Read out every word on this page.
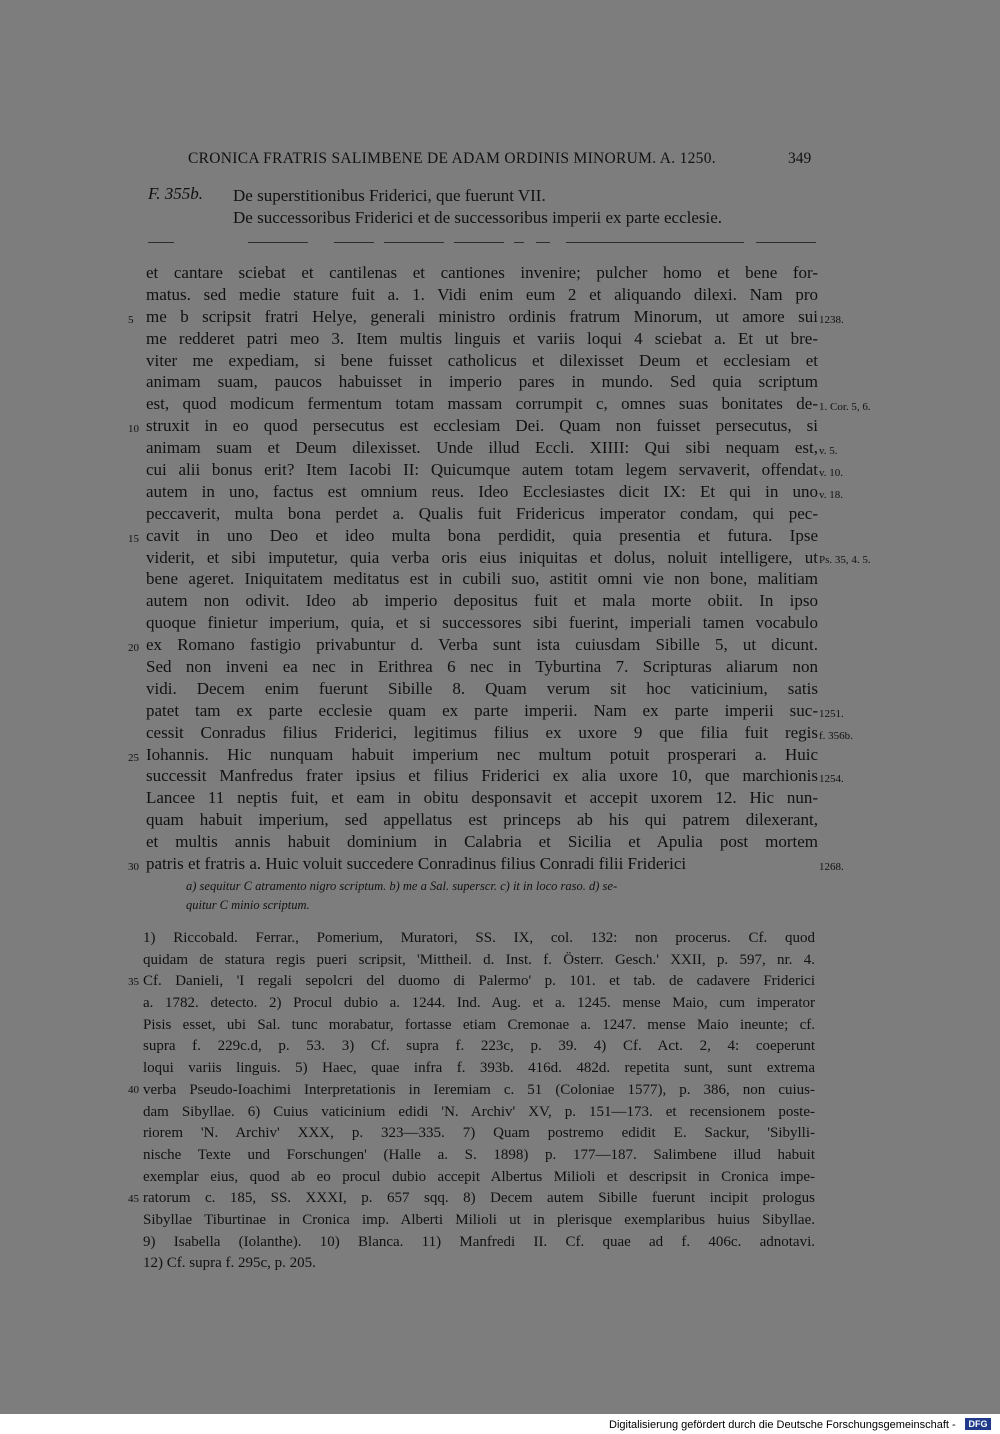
CRONICA FRATRIS SALIMBENE DE ADAM ORDINIS MINORUM. A. 1250.	349
F. 355b. De superstitionibus Friderici, que fuerunt VII.
De successoribus Friderici et de successoribus imperii ex parte ecclesie.
et cantare sciebat et cantilenas et cantiones invenire; pulcher homo et bene for-
matus. sed medie stature fuit a. 1. Vidi enim eum 2 et aliquando dilexi. Nam pro
me b scripsit fratri Helye, generali ministro ordinis fratrum Minorum, ut amore sui
me redderet patri meo 3. Item multis linguis et variis loqui 4 sciebat a. Et ut bre-
viter me expediam, si bene fuisset catholicus et dilexisset Deum et ecclesiam et
animam suam, paucos habuisset in imperio pares in mundo. Sed quia scriptum
est, quod modicum fermentum totam massam corrumpit c, omnes suas bonitates de-
struxit in eo quod persecutus est ecclesiam Dei. Quam non fuisset persecutus, si
animam suam et Deum dilexisset. Unde illud Eccli. XIIII: Qui sibi nequam est,
cui alii bonus erit? Item Iacobi II: Quicumque autem totam legem servaverit, offendat
autem in uno, factus est omnium reus. Ideo Ecclesiastes dicit IX: Et qui in uno
peccaverit, multa bona perdet a. Qualis fuit Fridericus imperator condam, qui pec-
cavit in uno Deo et ideo multa bona perdidit, quia presentia et futura. Ipse
viderit, et sibi imputetur, quia verba oris eius iniquitas et dolus, noluit intelligere, ut
bene ageret. Iniquitatem meditatus est in cubili suo, astitit omni vie non bone, malitiam
autem non odivit. Ideo ab imperio depositus fuit et mala morte obiit. In ipso
quoque finietur imperium, quia, et si successores sibi fuerint, imperiali tamen vocabulo
ex Romano fastigio privabuntur d. Verba sunt ista cuiusdam Sibille 5, ut dicunt.
Sed non inveni ea nec in Erithrea 6 nec in Tyburtina 7. Scripturas aliarum non
vidi. Decem enim fuerunt Sibille 8. Quam verum sit hoc vaticinium, satis
patet tam ex parte ecclesie quam ex parte imperii. Nam ex parte imperii suc-
cessit Conradus filius Friderici, legitimus filius ex uxore 9 que filia fuit regis
Iohannis. Hic nunquam habuit imperium nec multum potuit prosperari a. Huic
successit Manfredus frater ipsius et filius Friderici ex alia uxore 10, que marchionis
Lancee 11 neptis fuit, et eam in obitu desponsavit et accepit uxorem 12. Hic nun-
quam habuit imperium, sed appellatus est princeps ab his qui patrem dilexerant,
et multis annis habuit dominium in Calabria et Sicilia et Apulia post mortem
patris et fratris a. Huic voluit succedere Conradinus filius Conradi filii Friderici
5
10
15
20
25
30
1238.
1. Cor. 5, 6.
v. 5.
v. 10.
v. 18.
Ps. 35, 4. 5.
1251.
f. 356b.
1254.
1268.
a) sequitur C atramento nigro scriptum. b) me a Sal. superscr. c) it in loco raso. d) se-
quitur C minio scriptum.
1) Riccobald. Ferrar., Pomerium, Muratori, SS. IX, col. 132: non procerus. Cf. quod
quidam de statura regis pueri scripsit, 'Mittheil. d. Inst. f. Österr. Gesch.' XXII, p. 597, nr. 4.
Cf. Danieli, 'I regali sepolcri del duomo di Palermo' p. 101. et tab. de cadavere Friderici
a. 1782. detecto. 2) Procul dubio a. 1244. Ind. Aug. et a. 1245. mense Maio, cum imperator
Pisis esset, ubi Sal. tunc morabatur, fortasse etiam Cremonae a. 1247. mense Maio ineunte; cf.
supra f. 229c.d, p. 53. 3) Cf. supra f. 223c, p. 39. 4) Cf. Act. 2, 4: coeperunt
loqui variis linguis. 5) Haec, quae infra f. 393b. 416d. 482d. repetita sunt, sunt extrema
verba Pseudo-Ioachimi Interpretationis in Ieremiam c. 51 (Coloniae 1577), p. 386, non cuius-
dam Sibyllae. 6) Cuius vaticinium edidi 'N. Archiv' XV, p. 151—173. et recensionem poste-
riorem 'N. Archiv' XXX, p. 323—335. 7) Quam postremo edidit E. Sackur, 'Sibylli-
nische Texte und Forschungen' (Halle a. S. 1898) p. 177—187. Salimbene illud habuit
exemplar eius, quod ab eo procul dubio accepit Albertus Milioli et descripsit in Cronica impe-
ratorum c. 185, SS. XXXI, p. 657 sqq. 8) Decem autem Sibille fuerunt incipit prologus
Sibyllae Tiburtinae in Cronica imp. Alberti Milioli ut in plerisque exemplaribus huius Sibyllae.
9) Isabella (Iolanthe). 10) Blanca. 11) Manfredi II. Cf. quae ad f. 406c. adnotavi.
12) Cf. supra f. 295c, p. 205.
35
40
45
Digitalisierung gefördert durch die Deutsche Forschungsgemeinschaft -	DFG
